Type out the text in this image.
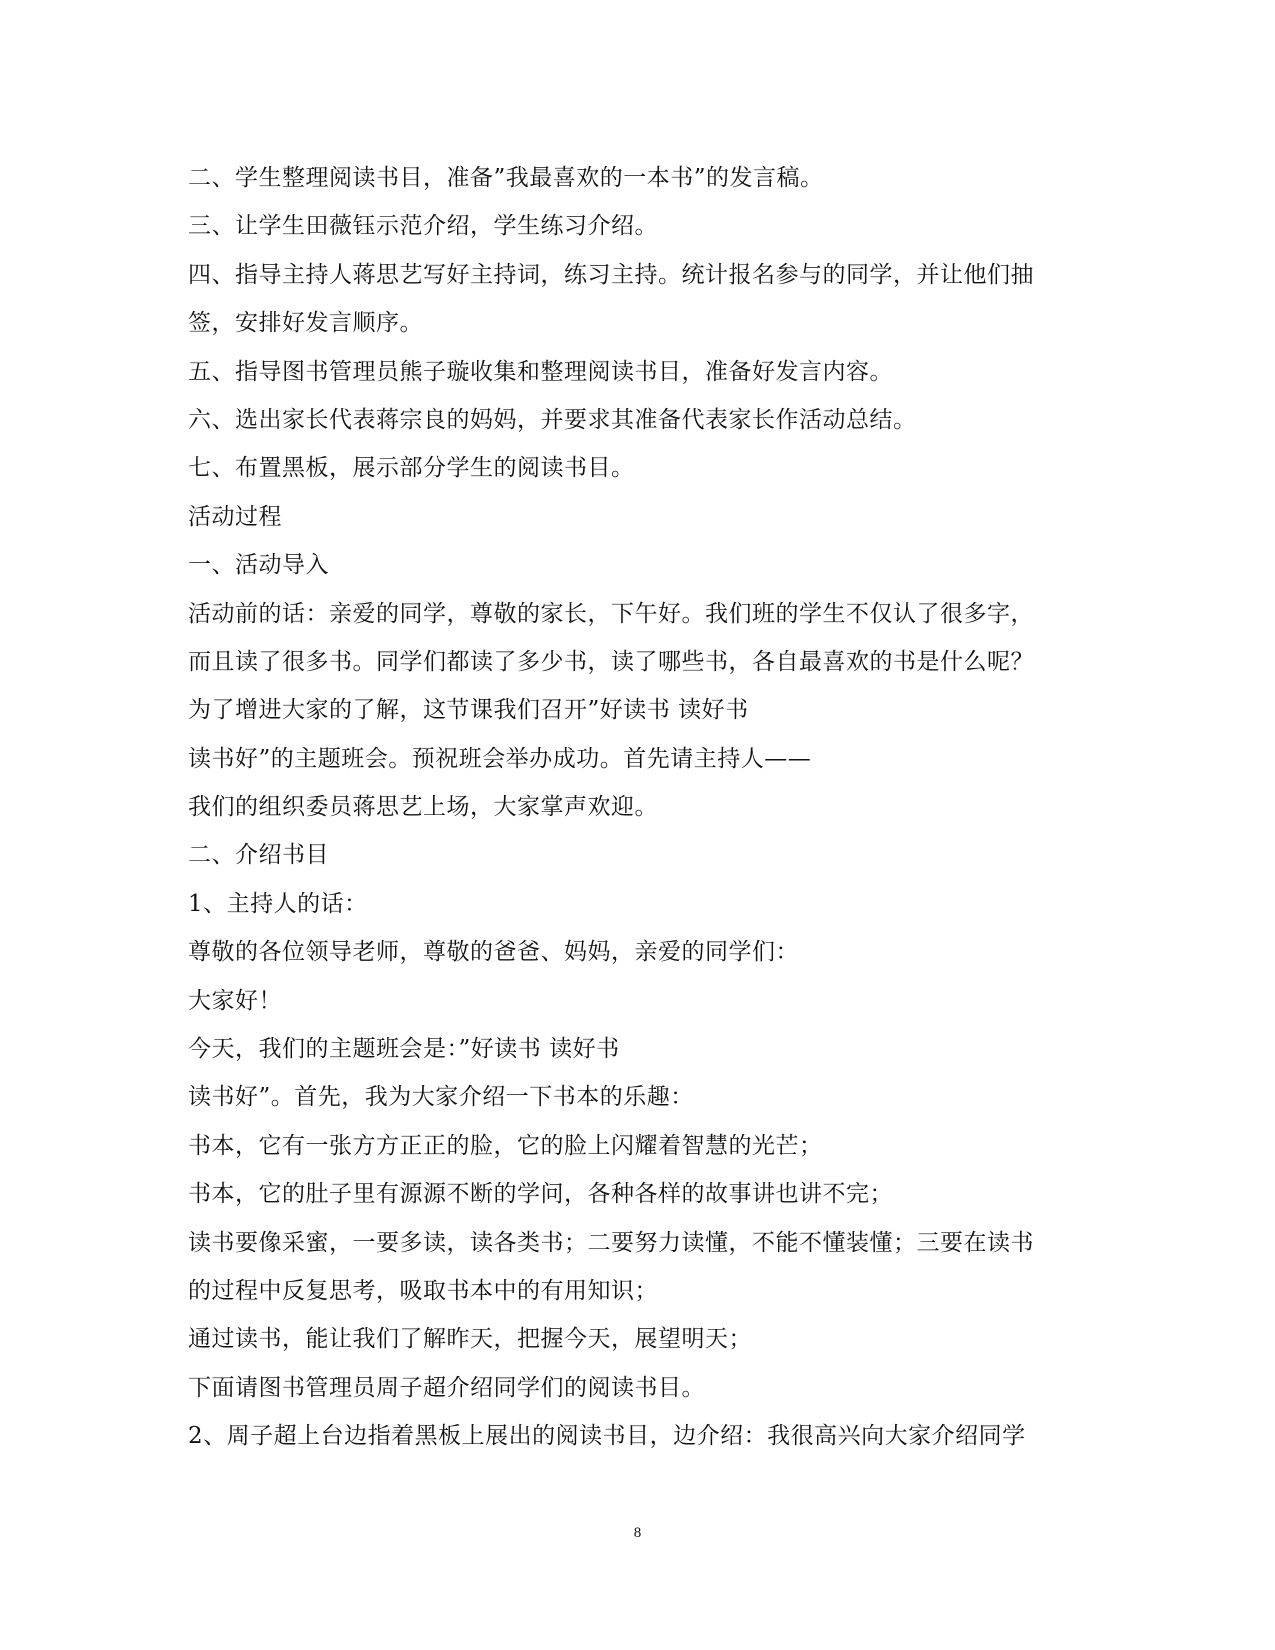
二、学生整理阅读书目，准备”我最喜欢的一本书”的发言稿。
三、让学生田薇钰示范介绍，学生练习介绍。
四、指导主持人蒋思艺写好主持词，练习主持。统计报名参与的同学，并让他们抽
签，安排好发言顺序。
五、指导图书管理员熊子璇收集和整理阅读书目，准备好发言内容。
六、选出家长代表蒋宗良的妈妈，并要求其准备代表家长作活动总结。
七、布置黑板，展示部分学生的阅读书目。
活动过程
一、活动导入
活动前的话：亲爱的同学，尊敬的家长，下午好。我们班的学生不仅认了很多字，
而且读了很多书。同学们都读了多少书，读了哪些书，各自最喜欢的书是什么呢？
为了增进大家的了解，这节课我们召开”好读书 读好书
读书好”的主题班会。预祝班会举办成功。首先请主持人——
我们的组织委员蒋思艺上场，大家掌声欢迎。
二、介绍书目
1、主持人的话：
尊敬的各位领导老师，尊敬的爸爸、妈妈，亲爱的同学们：
大家好！
今天，我们的主题班会是：”好读书 读好书
读书好”。首先，我为大家介绍一下书本的乐趣：
书本，它有一张方方正正的脸，它的脸上闪耀着智慧的光芒；
书本，它的肚子里有源源不断的学问，各种各样的故事讲也讲不完；
读书要像采蜜，一要多读，读各类书；二要努力读懂，不能不懂装懂；三要在读书
的过程中反复思考，吸取书本中的有用知识；
通过读书，能让我们了解昨天，把握今天，展望明天；
下面请图书管理员周子超介绍同学们的阅读书目。
2、周子超上台边指着黑板上展出的阅读书目，边介绍：我很高兴向大家介绍同学
8
